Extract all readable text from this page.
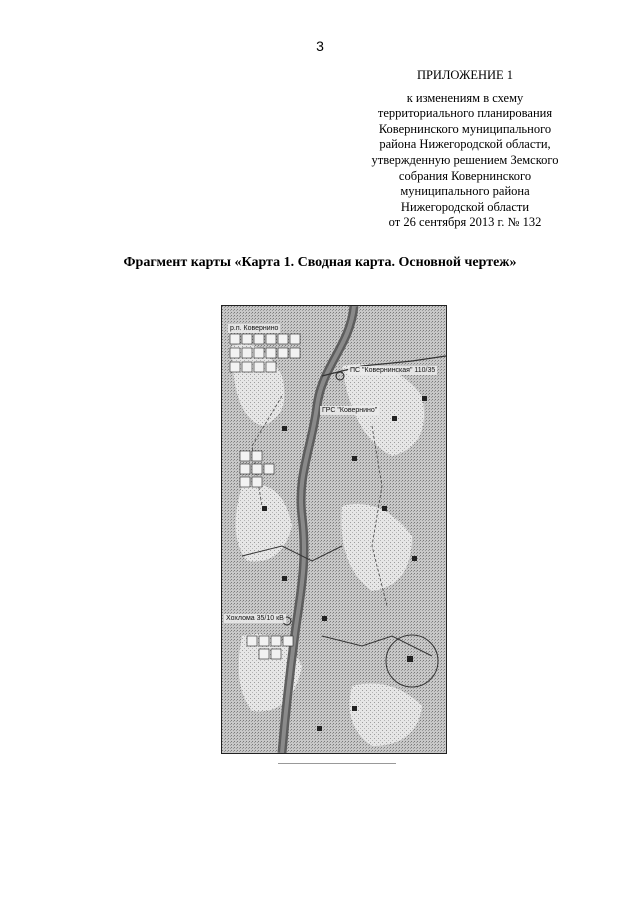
3
ПРИЛОЖЕНИЕ 1
к изменениям в схему
территориального планирования
Ковернинского муниципального
района Нижегородской области,
утвержденную решением Земского
собрания Ковернинского
муниципального района
Нижегородской области
от 26 сентября 2013 г. № 132
Фрагмент карты «Карта 1. Сводная карта. Основной чертеж»
р.п. Ковернино
ПС "Ковернинская" 110/35
ГРС "Ковернино"
Хохлома 35/10 кВ
